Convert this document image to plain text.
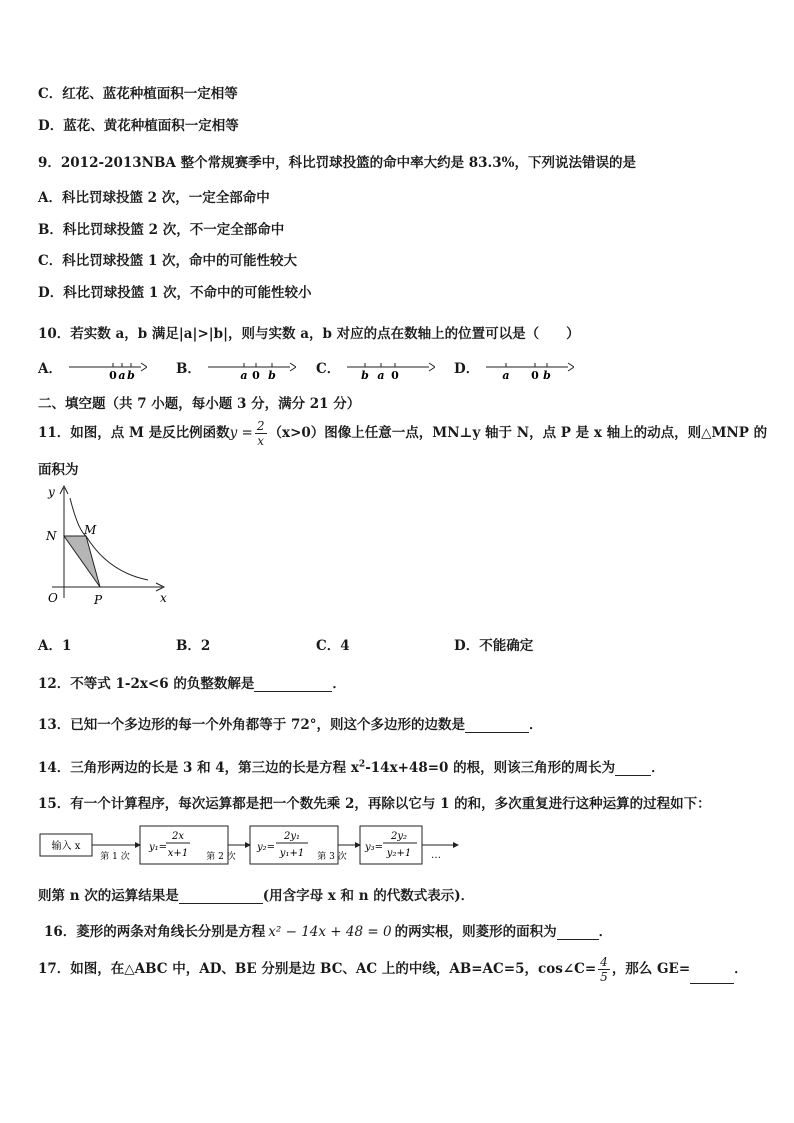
C．红花、蓝花种植面积一定相等
D．蓝花、黄花种植面积一定相等
9．2012-2013NBA 整个常规赛季中，科比罚球投篮的命中率大约是 83.3%，下列说法错误的是
A．科比罚球投篮 2 次，一定全部命中
B．科比罚球投篮 2 次，不一定全部命中
C．科比罚球投篮 1 次，命中的可能性较大
D．科比罚球投篮 1 次，不命中的可能性较小
10．若实数 a，b 满足|a|>|b|，则与实数 a，b 对应的点在数轴上的位置可以是（　　）
A．	0 a b	B．	a 0 b	C． b a 0	D． a 0 b
二、填空题（共 7 小题，每小题 3 分，满分 21 分）
11．如图，点 M 是反比例函数$y = \frac{2}{x} (x>0)$图像上任意一点，MN⊥y 轴于 N，点 P 是 x 轴上的动点，则△MNP 的
面积为
y
x
N M
O	P
A．1	B．2	C．4	D．不能确定
12．不等式 1-2x<6 的负整数解是	．
13．已知一个多边形的每一个外角都等于 72°，则这个多边形的边数是	．
14．三角形两边的长是 3 和 4，第三边的长是方程 $x^2-14x+48=0$ 的根，则该三角形的周长为	．
15．有一个计算程序，每次运算都是把一个数先乘 2，再除以它与 1 的和，多次重复进行这种运算的过程如下：
输入 x
第 1 次
y₁=
2x
x+1 第 2 次
y₂=
2y₁
y₁+1 第 3 次
y₃=
2y₂
y₂+1 …
则第 n 次的运算结果是	(用含字母 x 和 n 的代数式表示)．
16．菱形的两条对角线长分别是方程 x² − 14x + 48 = 0 的两实根，则菱形的面积为	．
17．如图，在△ABC 中，AD、BE 分别是边 BC、AC 上的中线，AB=AC=5，cos∠C= $\frac{4}{5}$ ，那么 GE=	．
